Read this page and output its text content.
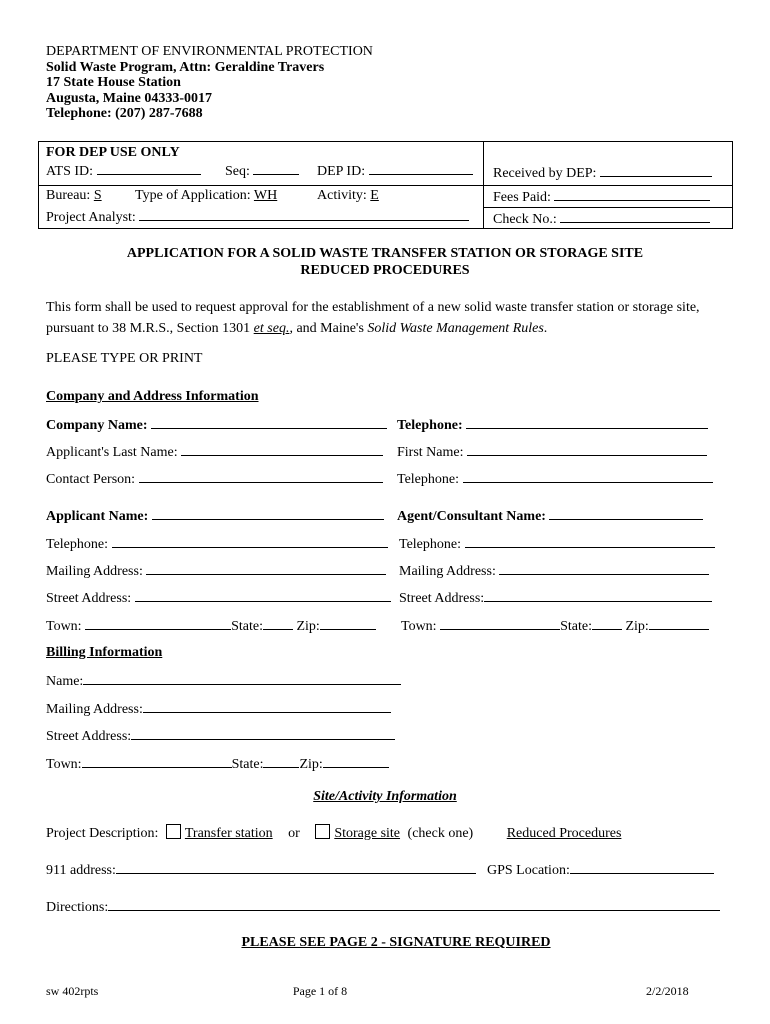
DEPARTMENT OF ENVIRONMENTAL PROTECTION
Solid Waste Program, Attn: Geraldine Travers
17 State House Station
Augusta, Maine 04333-0017
Telephone: (207) 287-7688
FOR DEP USE ONLY
ATS ID:	Seq:	DEP ID:	Received by DEP:
Bureau: S Type of Application: WH	Activity: E	Fees Paid:
Project Analyst:	Check No.:
APPLICATION FOR A SOLID WASTE TRANSFER STATION OR STORAGE SITE
REDUCED PROCEDURES
This form shall be used to request approval for the establishment of a new solid waste transfer station or storage site, pursuant to 38 M.R.S., Section 1301 et seq., and Maine's Solid Waste Management Rules.
PLEASE TYPE OR PRINT
Company and Address Information
Company Name:	Telephone:
Applicant's Last Name:	First Name:
Contact Person:	Telephone:
Applicant Name:	Agent/Consultant Name:
Telephone:	Telephone:
Mailing Address:	Mailing Address:
Street Address:	Street Address:
Town:	State: Zip:	Town:	State: Zip:
Billing Information
Name:
Mailing Address:
Street Address:
Town:	State:	Zip:
Site/Activity Information
Project Description: Transfer station or Storage site (check one) Reduced Procedures
911 address:	GPS Location:
Directions:
PLEASE SEE PAGE 2 - SIGNATURE REQUIRED
sw 402rpts	Page 1 of 8	2/2/2018
